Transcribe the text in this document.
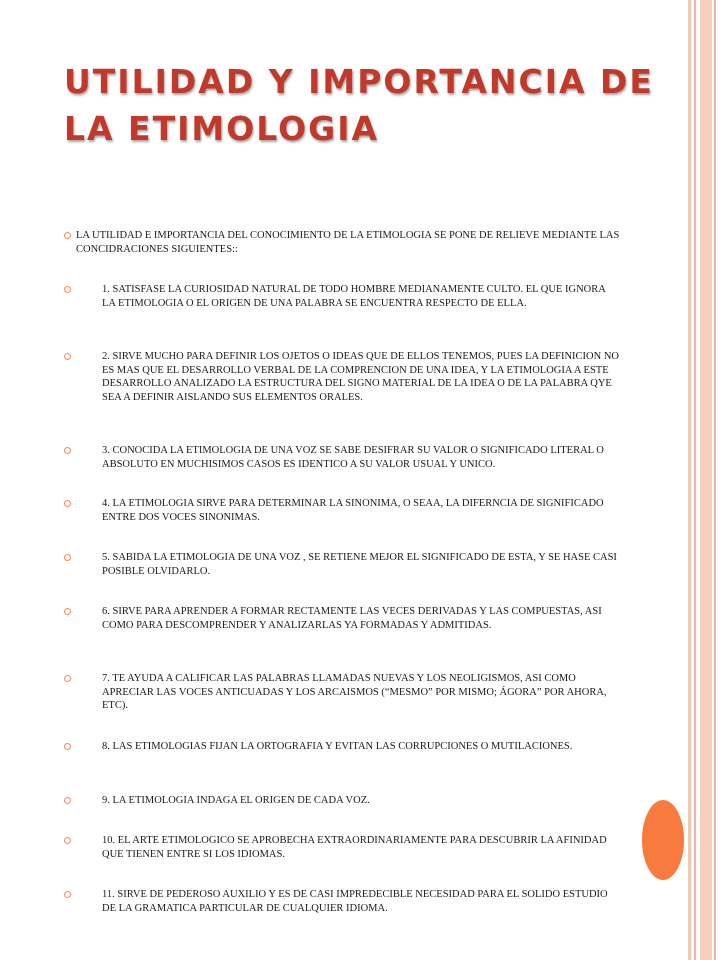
UTILIDAD Y IMPORTANCIA DE LA ETIMOLOGIA
LA UTILIDAD E IMPORTANCIA DEL CONOCIMIENTO DE LA ETIMOLOGIA SE PONE DE RELIEVE MEDIANTE LAS CONCIDRACIONES SIGUIENTES::
1. SATISFASE LA CURIOSIDAD NATURAL DE TODO HOMBRE MEDIANAMENTE CULTO. EL QUE IGNORA LA ETIMOLOGIA O EL ORIGEN DE UNA PALABRA SE ENCUENTRA RESPECTO DE ELLA.
2. SIRVE MUCHO PARA DEFINIR LOS OJETOS O IDEAS QUE DE ELLOS TENEMOS, PUES LA DEFINICION NO ES MAS QUE EL DESARROLLO VERBAL DE LA COMPRENCION DE UNA IDEA, Y LA ETIMOLOGIA A ESTE DESARROLLO ANALIZADO LA ESTRUCTURA DEL SIGNO MATERIAL DE LA IDEA O DE LA PALABRA QYE SEA A DEFINIR AISLANDO SUS ELEMENTOS ORALES.
3. CONOCIDA LA ETIMOLOGIA DE UNA VOZ SE SABE DESIFRAR SU VALOR O SIGNIFICADO LITERAL O ABSOLUTO EN MUCHISIMOS CASOS ES IDENTICO A SU VALOR USUAL Y UNICO.
4. LA ETIMOLOGIA SIRVE PARA DETERMINAR LA SINONIMA, O SEAA, LA DIFERNCIA DE SIGNIFICADO ENTRE DOS VOCES SINONIMAS.
5. SABIDA LA ETIMOLOGIA DE UNA VOZ , SE RETIENE MEJOR EL SIGNIFICADO DE ESTA, Y SE HASE CASI POSIBLE OLVIDARLO.
6. SIRVE PARA APRENDER A FORMAR RECTAMENTE LAS VECES DERIVADAS Y LAS COMPUESTAS, ASI COMO PARA DESCOMPRENDER Y ANALIZARLAS YA FORMADAS Y ADMITIDAS.
7. TE AYUDA A CALIFICAR LAS PALABRAS LLAMADAS NUEVAS Y LOS NEOLIGISMOS, ASI COMO APRECIAR LAS VOCES ANTICUADAS Y LOS ARCAISMOS (“MESMO” POR MISMO; ÁGORA” POR AHORA, ETC).
8. LAS ETIMOLOGIAS FIJAN LA ORTOGRAFIA Y EVITAN LAS CORRUPCIONES O MUTILACIONES.
9. LA ETIMOLOGIA INDAGA EL ORIGEN DE CADA VOZ.
10. EL ARTE ETIMOLOGICO SE APROBECHA EXTRAORDINARIAMENTE PARA DESCUBRIR LA AFINIDAD QUE TIENEN ENTRE SI LOS IDIOMAS.
11. SIRVE DE PEDEROSO AUXILIO Y ES DE CASI IMPREDECIBLE NECESIDAD PARA EL SOLIDO ESTUDIO DE LA GRAMATICA PARTICULAR DE CUALQUIER IDIOMA.
